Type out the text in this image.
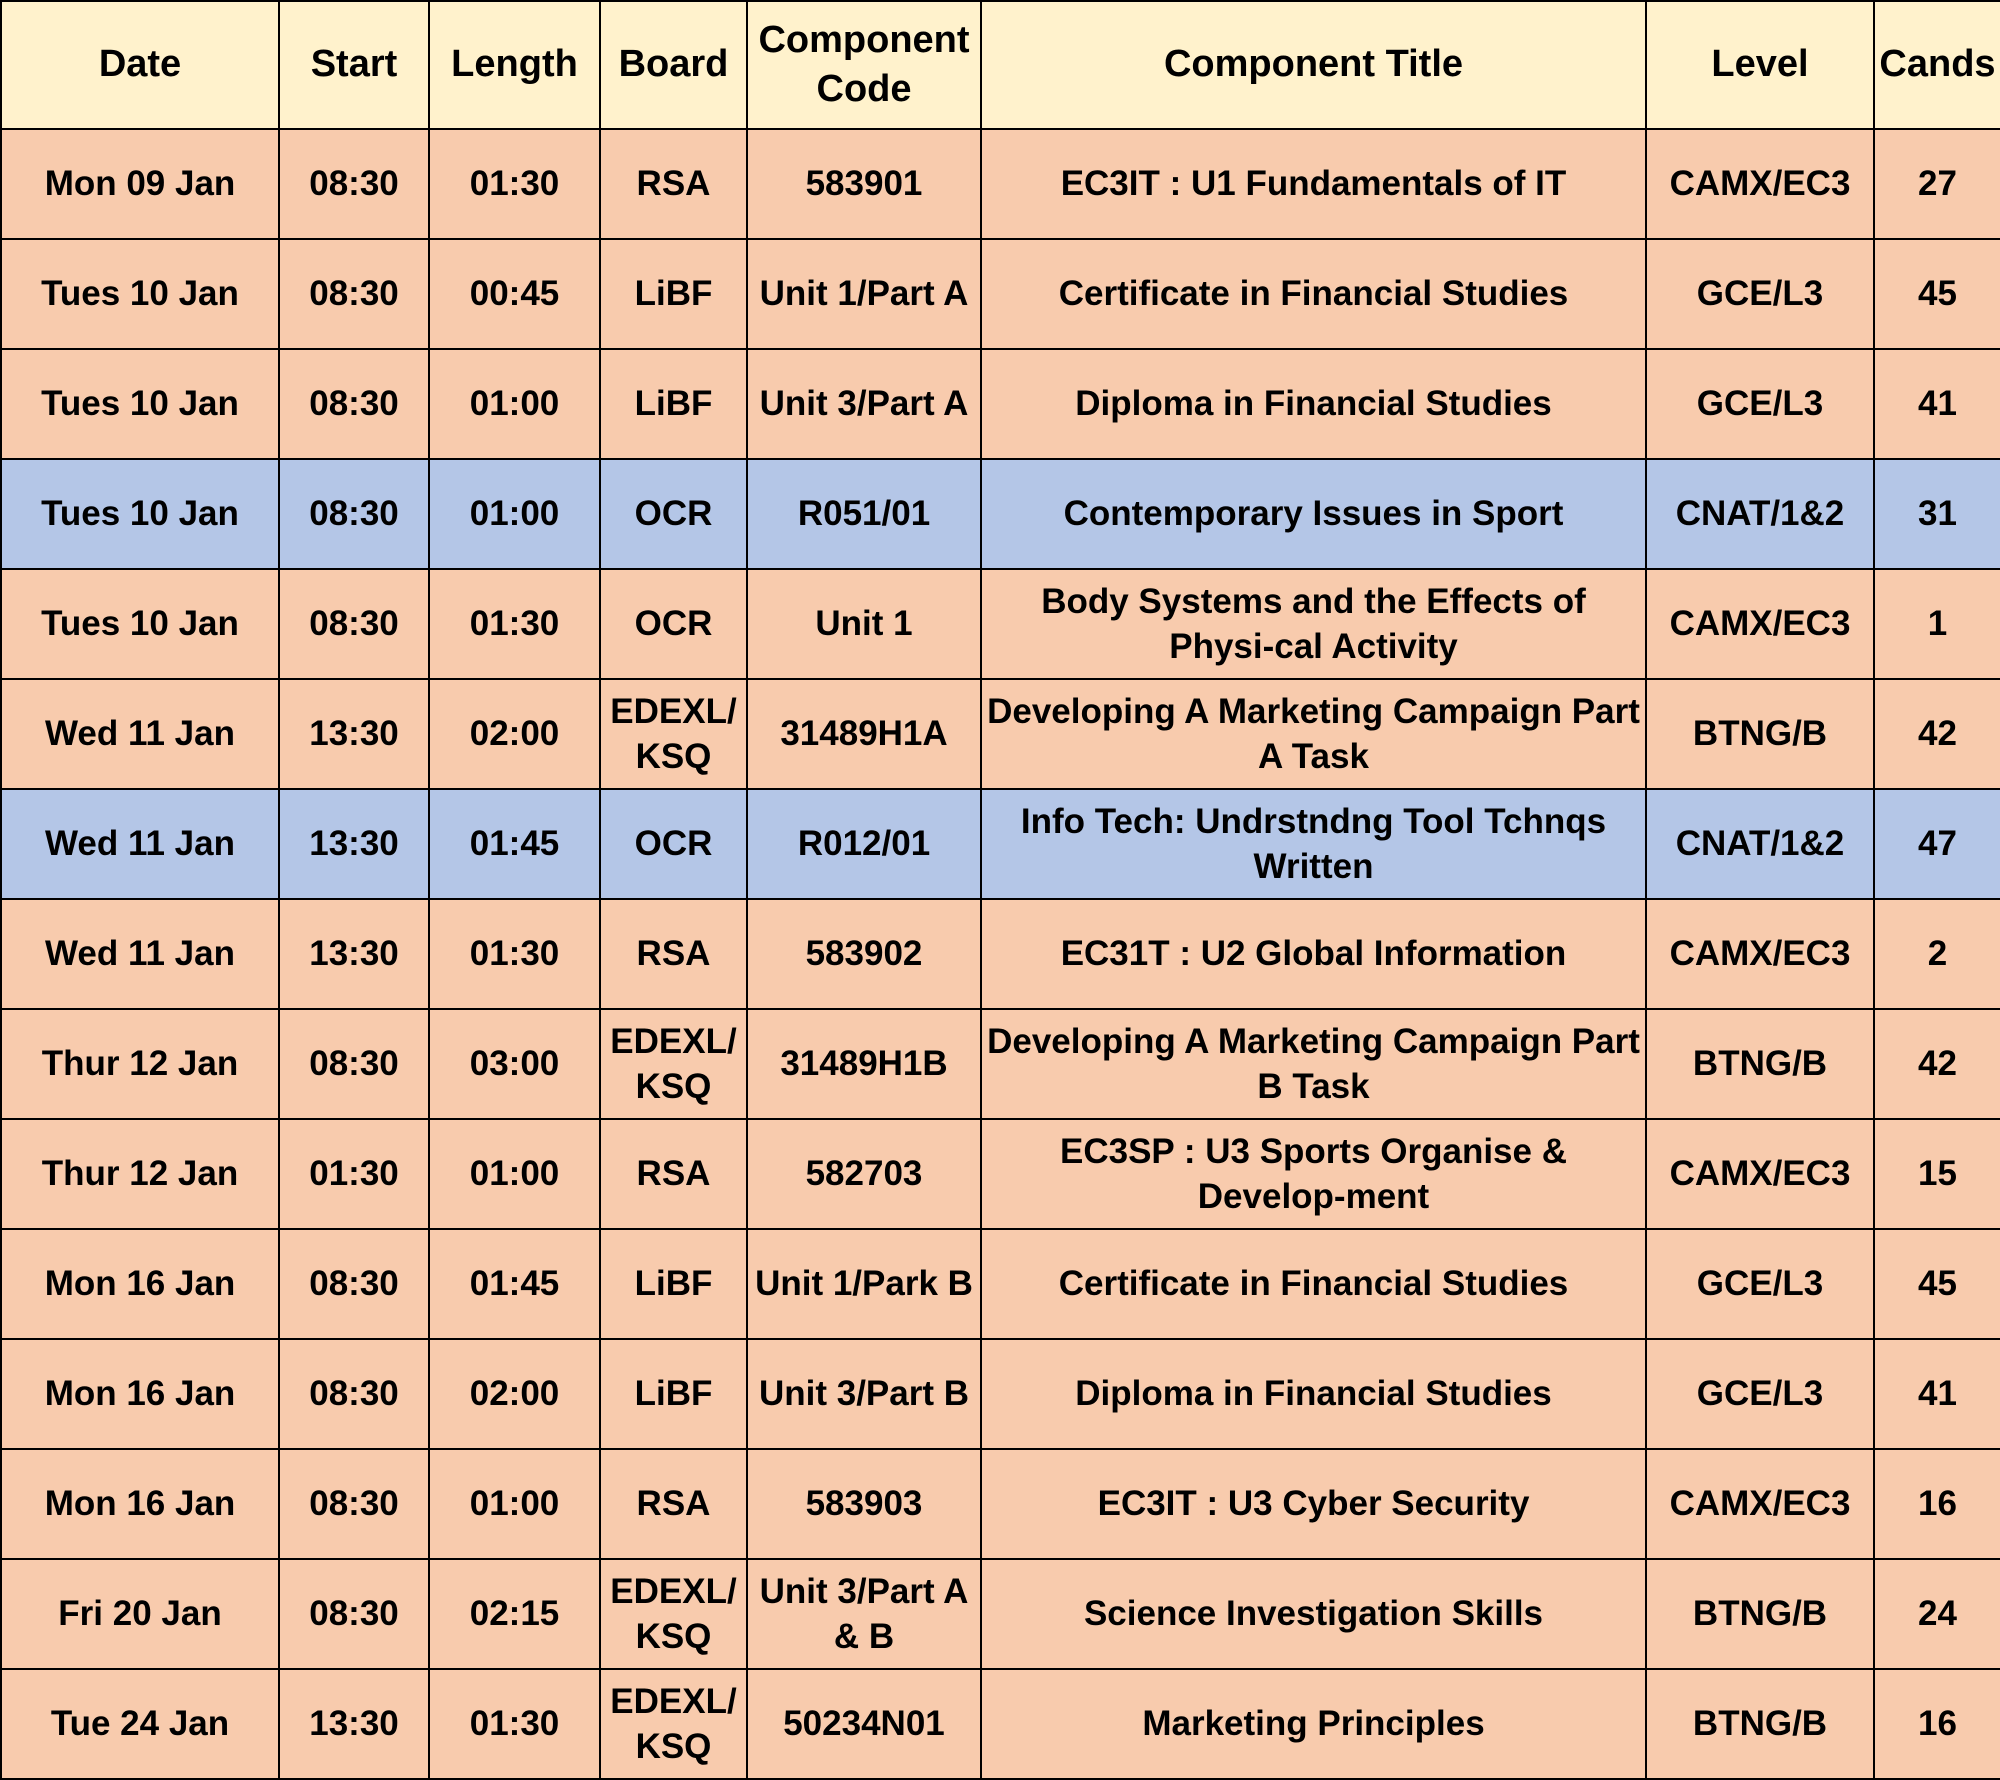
Date	Start	Length	Board	Component Code	Component Title	Level	Cands
Mon 09 Jan	08:30	01:30	RSA	583901	EC3IT : U1 Fundamentals of IT	CAMX/EC3	27
Tues 10 Jan	08:30	00:45	LiBF	Unit 1/Part A	Certificate in Financial Studies	GCE/L3	45
Tues 10 Jan	08:30	01:00	LiBF	Unit 3/Part A	Diploma in Financial Studies	GCE/L3	41
Tues 10 Jan	08:30	01:00	OCR	R051/01	Contemporary Issues in Sport	CNAT/1&2	31
Tues 10 Jan	08:30	01:30	OCR	Unit 1	Body Systems and the Effects of Physi-cal Activity	CAMX/EC3	1
Wed 11 Jan	13:30	02:00	EDEXL/ KSQ	31489H1A	Developing A Marketing Campaign Part A Task	BTNG/B	42
Wed 11 Jan	13:30	01:45	OCR	R012/01	Info Tech: Undrstndng Tool Tchnqs Written	CNAT/1&2	47
Wed 11 Jan	13:30	01:30	RSA	583902	EC31T : U2 Global Information	CAMX/EC3	2
Thur 12 Jan	08:30	03:00	EDEXL/ KSQ	31489H1B	Developing A Marketing Campaign Part B Task	BTNG/B	42
Thur 12 Jan	01:30	01:00	RSA	582703	EC3SP : U3 Sports Organise & Develop-ment	CAMX/EC3	15
Mon 16 Jan	08:30	01:45	LiBF	Unit 1/Park B	Certificate in Financial Studies	GCE/L3	45
Mon 16 Jan	08:30	02:00	LiBF	Unit 3/Part B	Diploma in Financial Studies	GCE/L3	41
Mon 16 Jan	08:30	01:00	RSA	583903	EC3IT : U3 Cyber Security	CAMX/EC3	16
Fri 20 Jan	08:30	02:15	EDEXL/ KSQ	Unit 3/Part A & B	Science Investigation Skills	BTNG/B	24
Tue 24 Jan	13:30	01:30	EDEXL/ KSQ	50234N01	Marketing Principles	BTNG/B	16
